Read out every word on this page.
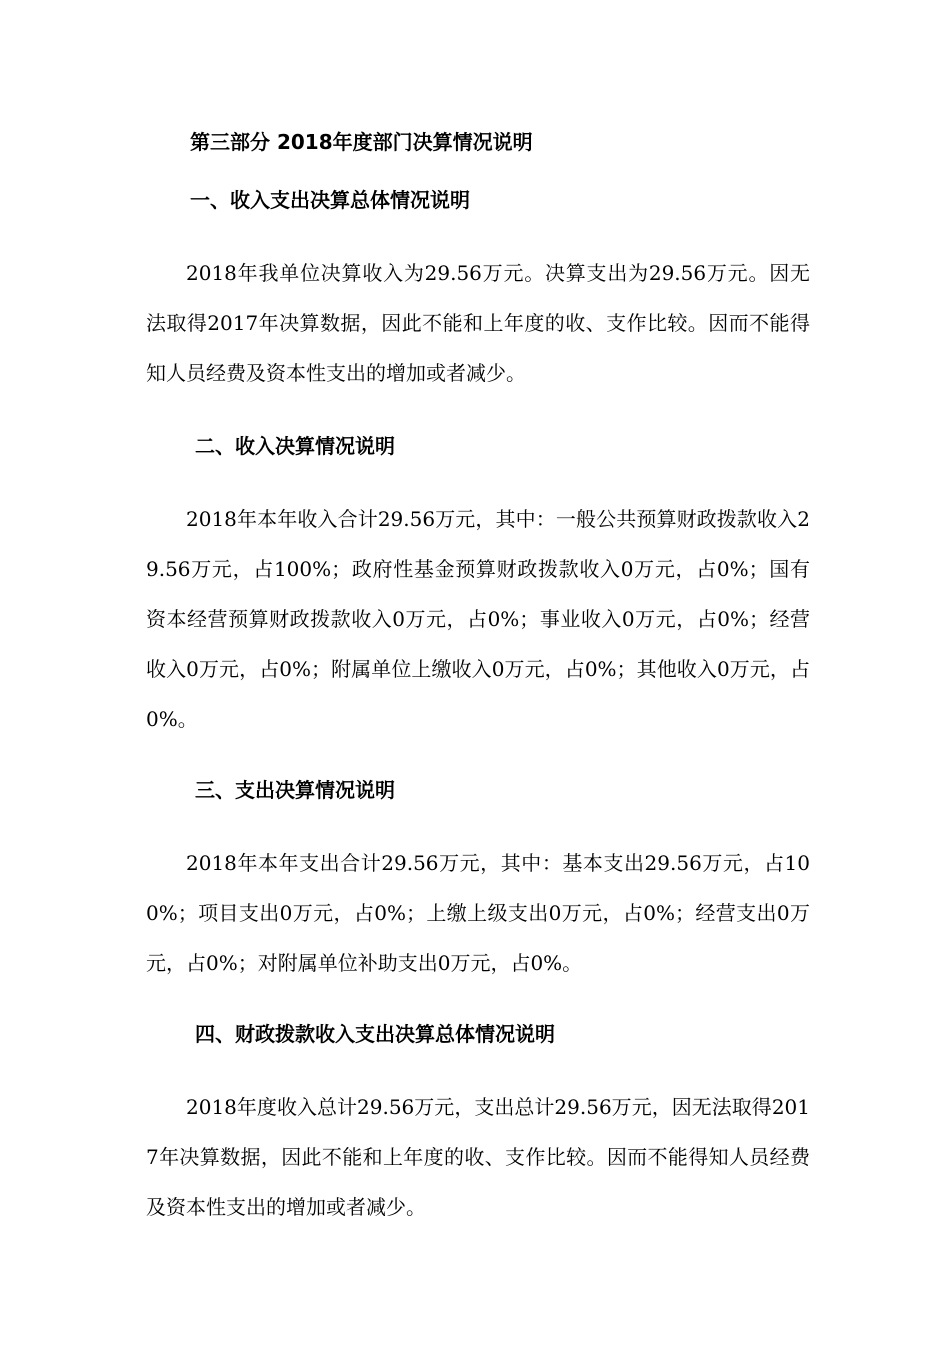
第三部分 2018年度部门决算情况说明
一、收入支出决算总体情况说明

2018年我单位决算收入为29.56万元。决算支出为29.56万元。因无法取得2017年决算数据，因此不能和上年度的收、支作比较。因而不能得知人员经费及资本性支出的增加或者减少。

二、收入决算情况说明

2018年本年收入合计29.56万元，其中：一般公共预算财政拨款收入29.56万元，占100%；政府性基金预算财政拨款收入0万元，占0%；国有资本经营预算财政拨款收入0万元，占0%；事业收入0万元，占0%；经营收入0万元，占0%；附属单位上缴收入0万元，占0%；其他收入0万元，占0%。

三、支出决算情况说明

2018年本年支出合计29.56万元，其中：基本支出29.56万元，占100%；项目支出0万元，占0%；上缴上级支出0万元，占0%；经营支出0万元，占0%；对附属单位补助支出0万元，占0%。

四、财政拨款收入支出决算总体情况说明

2018年度收入总计29.56万元，支出总计29.56万元，因无法取得2017年决算数据，因此不能和上年度的收、支作比较。因而不能得知人员经费及资本性支出的增加或者减少。
